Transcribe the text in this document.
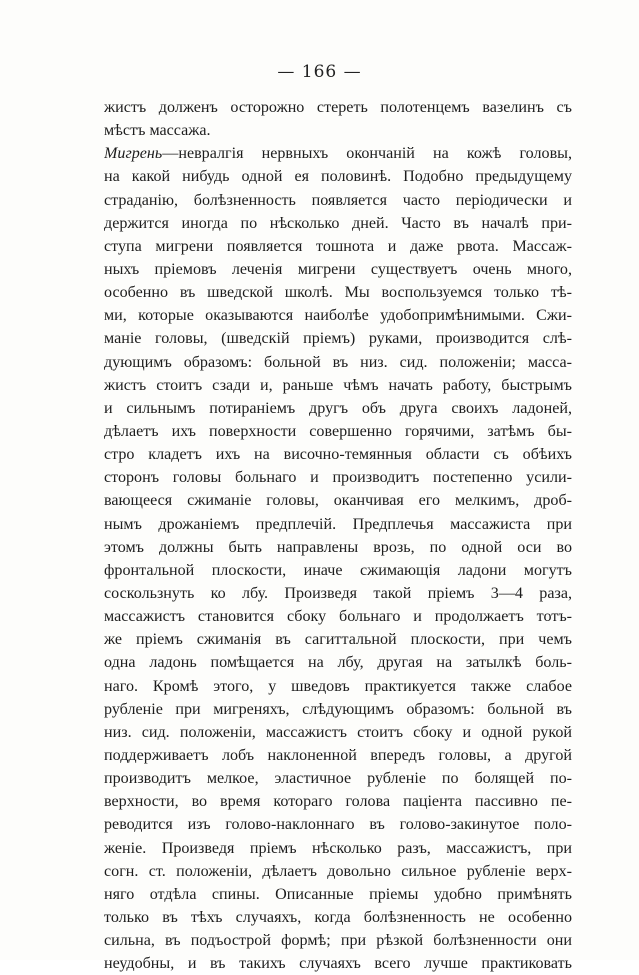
— 166 —
жистъ долженъ осторожно стереть полотенцемъ вазелинъ съ
мѣстъ массажа.
Мигрень—невралгія нервныхъ окончаній на кожѣ головы,
на какой нибудь одной ея половинѣ. Подобно предыдущему
страданію, болѣзненность появляется часто періодически и
держится иногда по нѣсколько дней. Часто въ началѣ при-
ступа мигрени появляется тошнота и даже рвота. Массаж-
ныхъ пріемовъ леченія мигрени существуетъ очень много,
особенно въ шведской школѣ. Мы воспользуемся только тѣ-
ми, которые оказываются наиболѣе удобопримѣнимыми. Сжи-
маніе головы, (шведскій пріемъ) руками, производится слѣ-
дующимъ образомъ: больной въ низ. сид. положеніи; масса-
жистъ стоитъ сзади и, раньше чѣмъ начать работу, быстрымъ
и сильнымъ потираніемъ другъ объ друга своихъ ладоней,
дѣлаетъ ихъ поверхности совершенно горячими, затѣмъ бы-
стро кладетъ ихъ на височно-темянныя области съ обѣихъ
сторонъ головы больнаго и производитъ постепенно усили-
вающееся сжиманіе головы, оканчивая его мелкимъ, дроб-
нымъ дрожаніемъ предплечій. Предплечья массажиста при
этомъ должны быть направлены врозь, по одной оси во
фронтальной плоскости, иначе сжимающія ладони могутъ
соскользнуть ко лбу. Произведя такой пріемъ 3—4 раза,
массажистъ становится сбоку больнаго и продолжаетъ тотъ-
же пріемъ сжиманія въ сагиттальной плоскости, при чемъ
одна ладонь помѣщается на лбу, другая на затылкѣ боль-
наго. Кромѣ этого, у шведовъ практикуется также слабое
рубленіе при мигреняхъ, слѣдующимъ образомъ: больной въ
низ. сид. положеніи, массажистъ стоитъ сбоку и одной рукой
поддерживаетъ лобъ наклоненной впередъ головы, а другой
производитъ мелкое, эластичное рубленіе по болящей по-
верхности, во время котораго голова паціента пассивно пе-
реводится изъ голово-наклоннаго въ голово-закинутое поло-
женіе. Произведя пріемъ нѣсколько разъ, массажистъ, при
согн. ст. положеніи, дѣлаетъ довольно сильное рубленіе верх-
няго отдѣла спины. Описанные пріемы удобно примѣнять
только въ тѣхъ случаяхъ, когда болѣзненность не особенно
сильна, въ подъострой формѣ; при рѣзкой болѣзненности они
неудобны, и въ такихъ случаяхъ всего лучше практиковать
